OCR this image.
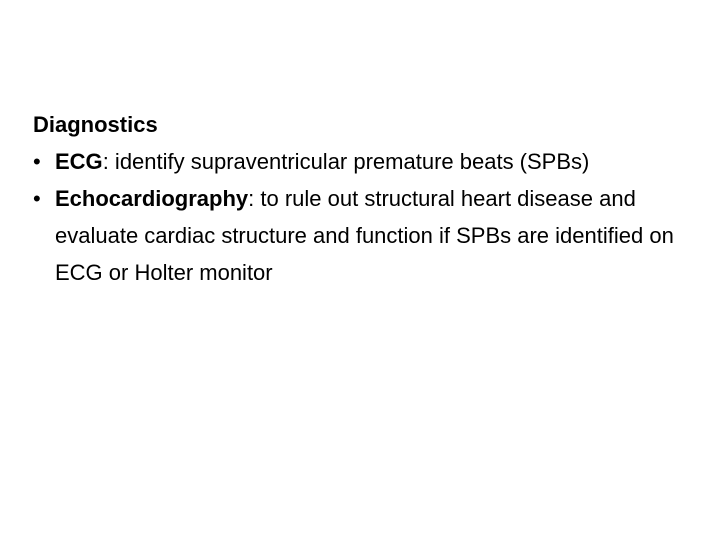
Diagnostics
• ECG: identify supraventricular premature beats (SPBs)
• Echocardiography: to rule out structural heart disease and evaluate cardiac structure and function if SPBs are identified on ECG or Holter monitor
